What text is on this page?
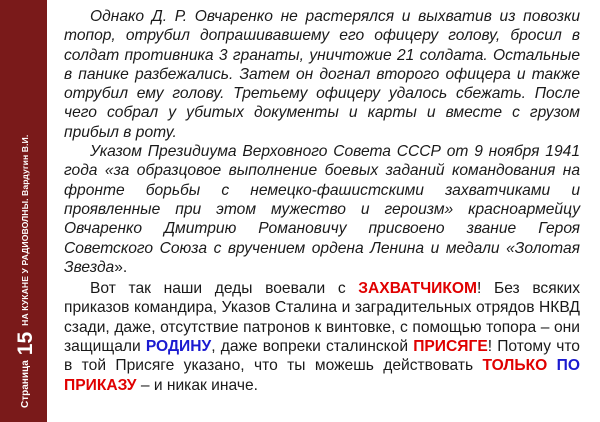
Страница
15
НА КУКАНЕ У РАДИОВОЛНЫ. Вардугин В.И.

Однако Д. Р. Овчаренко не растерялся и выхватив из повозки топор, отрубил допрашивавшему его офицеру голову, бросил в солдат противника 3 гранаты, уничтожие 21 солдата. Остальные в панике разбежались. Затем он догнал второго офицера и также отрубил ему голову. Третьему офицеру удалось сбежать. После чего собрал у убитых документы и карты и вместе с грузом прибыл в роту.

Указом Президиума Верховного Совета СССР от 9 ноября 1941 года «за образцовое выполнение боевых заданий командования на фронте борьбы с немецко-фашистскими захватчиками и проявленные при этом мужество и героизм» красноармейцу Овчаренко Дмитрию Романовичу присвоено звание Героя Советского Союза с вручением ордена Ленина и медали «Золотая Звезда».

Вот так наши деды воевали с ЗАХВАТЧИКОМ! Без всяких приказов командира, Указов Сталина и заградительных отрядов НКВД сзади, даже, отсутствие патронов к винтовке, с помощью топора – они защищали РОДИНУ, даже вопреки сталинской ПРИСЯГЕ! Потому что в той Присяге указано, что ты можешь действовать ТОЛЬКО ПО ПРИКАЗУ – и никак иначе.
